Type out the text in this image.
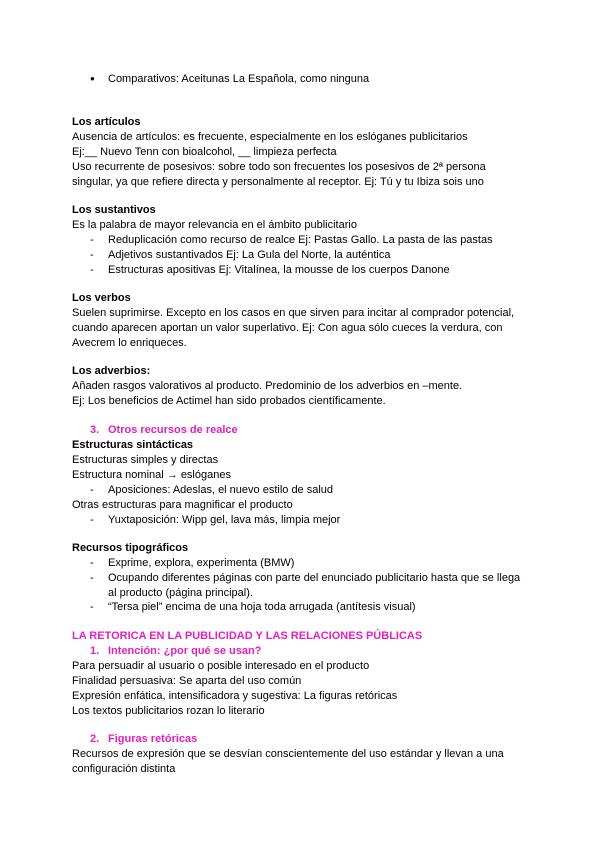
● Comparativos: Aceitunas La Española, como ninguna
Los artículos
Ausencia de artículos: es frecuente, especialmente en los eslóganes publicitarios
Ej:__ Nuevo Tenn con bioalcohol, __ limpieza perfecta
Uso recurrente de posesivos: sobre todo son frecuentes los posesivos de 2ª persona
singular, ya que refiere directa y personalmente al receptor. Ej: Tú y tu Ibiza sois uno
Los sustantivos
Es la palabra de mayor relevancia en el ámbito publicitario
- Reduplicación como recurso de realce Ej: Pastas Gallo. La pasta de las pastas
- Adjetivos sustantivados Ej: La Gula del Norte, la auténtica
- Estructuras apositivas Ej: Vitalínea, la mousse de los cuerpos Danone
Los verbos
Suelen suprimirse. Excepto en los casos en que sirven para incitar al comprador potencial,
cuando aparecen aportan un valor superlativo. Ej: Con agua sólo cueces la verdura, con
Avecrem lo enriqueces.
Los adverbios:
Añaden rasgos valorativos al producto. Predominio de los adverbios en –mente.
Ej: Los beneficios de Actimel han sido probados científicamente.
3. Otros recursos de realce
Estructuras sintácticas
Estructuras simples y directas
Estructura nominal → eslóganes
- Aposiciones: Adeslas, el nuevo estilo de salud
Otras estructuras para magnificar el producto
- Yuxtaposición: Wipp gel, lava más, limpia mejor
Recursos tipográficos
- Exprime, explora, experimenta (BMW)
- Ocupando diferentes páginas con parte del enunciado publicitario hasta que se llega
al producto (página principal).
- “Tersa piel” encima de una hoja toda arrugada (antítesis visual)
LA RETORICA EN LA PUBLICIDAD Y LAS RELACIONES PÚBLICAS
1. Intención: ¿por qué se usan?
Para persuadir al usuario o posible interesado en el producto
Finalidad persuasiva: Se aparta del uso común
Expresión enfática, intensificadora y sugestiva: La figuras retóricas
Los textos publicitarios rozan lo literario
2. Figuras retóricas
Recursos de expresión que se desvían conscientemente del uso estándar y llevan a una
configuración distinta
